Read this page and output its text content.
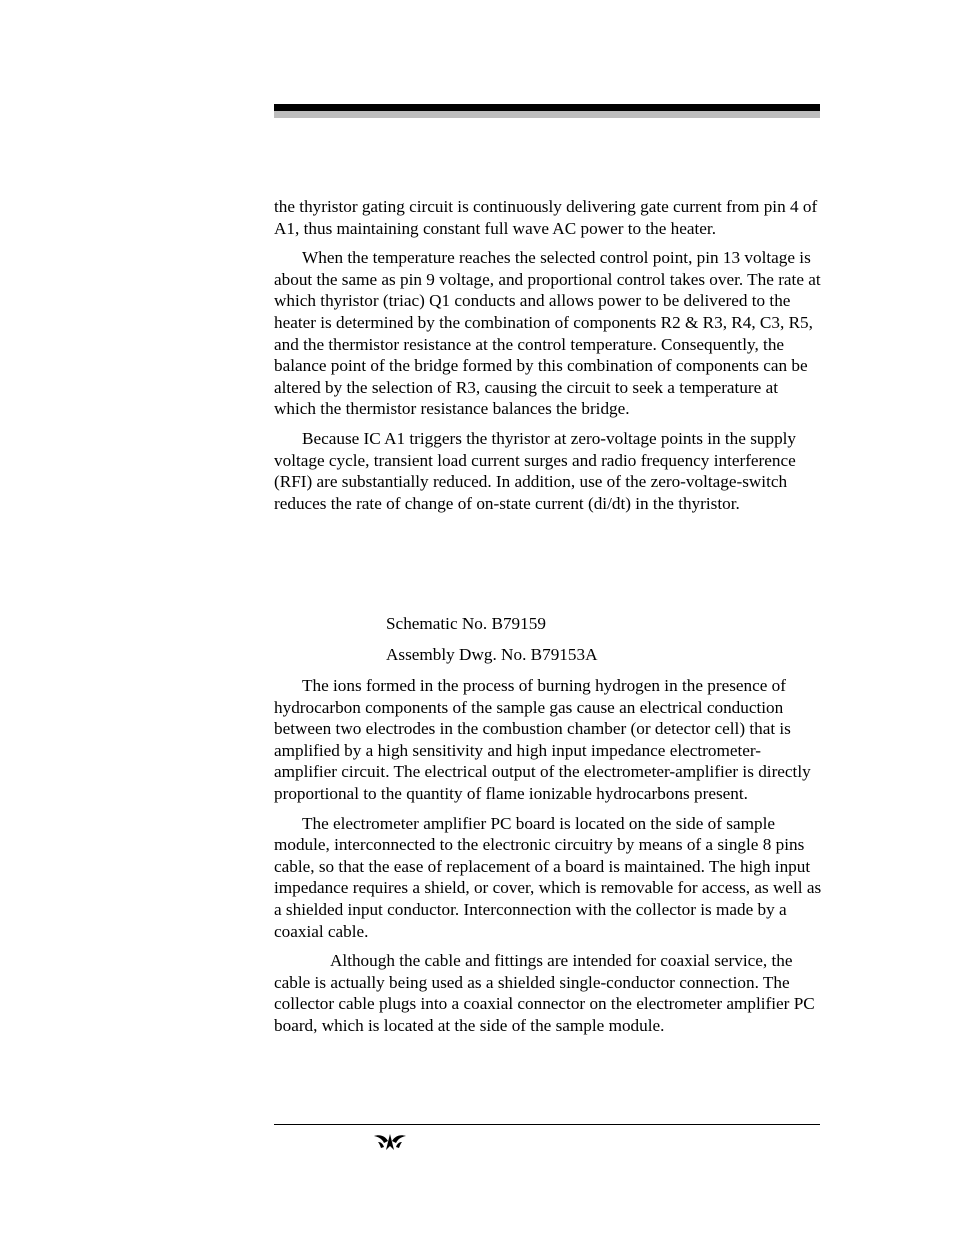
the thyristor gating circuit is continuously delivering gate current from pin 4 of A1, thus maintaining constant full wave AC power to the heater.

When the temperature reaches the selected control point, pin 13 voltage is about the same as pin 9 voltage, and proportional control takes over. The rate at which thyristor (triac) Q1 conducts and allows power to be delivered to the heater is determined by the combination of components R2 & R3, R4, C3, R5, and the thermistor resistance at the control temperature. Consequently, the balance point of the bridge formed by this combination of components can be altered by the selection of R3, causing the circuit to seek a temperature at which the thermistor resistance balances the bridge.

Because IC A1 triggers the thyristor at zero-voltage points in the supply voltage cycle, transient load current surges and radio frequency interference (RFI) are substantially reduced. In addition, use of the zero-voltage-switch reduces the rate of change of on-state current (di/dt) in the thyristor.

Schematic No. B79159
Assembly Dwg. No. B79153A

The ions formed in the process of burning hydrogen in the presence of hydrocarbon components of the sample gas cause an electrical conduction between two electrodes in the combustion chamber (or detector cell) that is amplified by a high sensitivity and high input impedance electrometer-amplifier circuit. The electrical output of the electrometer-amplifier is directly proportional to the quantity of flame ionizable hydrocarbons present.

The electrometer amplifier PC board is located on the side of sample module, interconnected to the electronic circuitry by means of a single 8 pins cable, so that the ease of replacement of a board is maintained. The high input impedance requires a shield, or cover, which is removable for access, as well as a shielded input conductor. Interconnection with the collector is made by a coaxial cable.

Although the cable and fittings are intended for coaxial service, the cable is actually being used as a shielded single-conductor connection. The collector cable plugs into a coaxial connector on the electrometer amplifier PC board, which is located at the side of the sample module.
